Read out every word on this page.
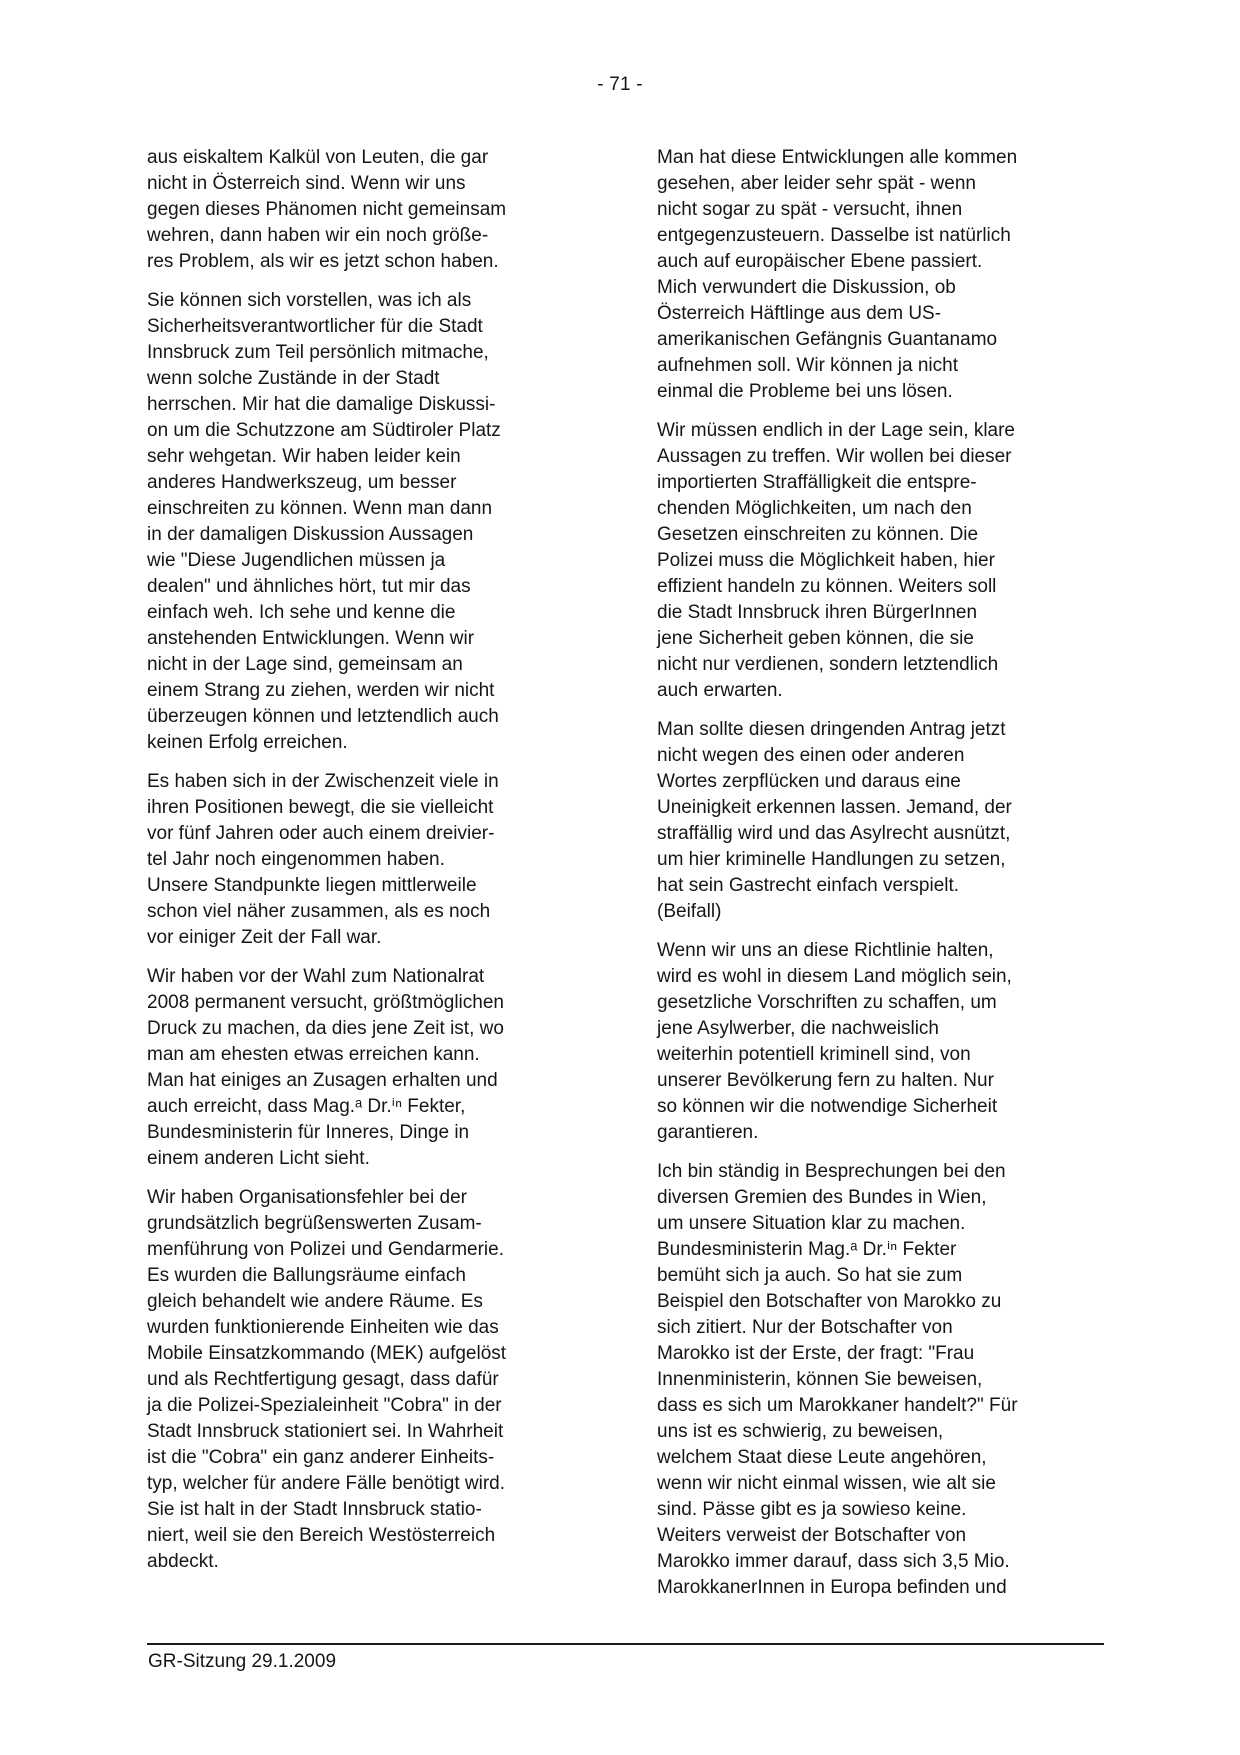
- 71 -

aus eiskaltem Kalkül von Leuten, die gar
nicht in Österreich sind. Wenn wir uns
gegen dieses Phänomen nicht gemeinsam
wehren, dann haben wir ein noch größe-
res Problem, als wir es jetzt schon haben.

Sie können sich vorstellen, was ich als
Sicherheitsverantwortlicher für die Stadt
Innsbruck zum Teil persönlich mitmache,
wenn solche Zustände in der Stadt
herrschen. Mir hat die damalige Diskussi-
on um die Schutzzone am Südtiroler Platz
sehr wehgetan. Wir haben leider kein
anderes Handwerkszeug, um besser
einschreiten zu können. Wenn man dann
in der damaligen Diskussion Aussagen
wie "Diese Jugendlichen müssen ja
dealen" und ähnliches hört, tut mir das
einfach weh. Ich sehe und kenne die
anstehenden Entwicklungen. Wenn wir
nicht in der Lage sind, gemeinsam an
einem Strang zu ziehen, werden wir nicht
überzeugen können und letztendlich auch
keinen Erfolg erreichen.

Es haben sich in der Zwischenzeit viele in
ihren Positionen bewegt, die sie vielleicht
vor fünf Jahren oder auch einem dreivier-
tel Jahr noch eingenommen haben.
Unsere Standpunkte liegen mittlerweile
schon viel näher zusammen, als es noch
vor einiger Zeit der Fall war.

Wir haben vor der Wahl zum Nationalrat
2008 permanent versucht, größtmöglichen
Druck zu machen, da dies jene Zeit ist, wo
man am ehesten etwas erreichen kann.
Man hat einiges an Zusagen erhalten und
auch erreicht, dass Mag.ᵃ Dr.ⁱⁿ Fekter,
Bundesministerin für Inneres, Dinge in
einem anderen Licht sieht.

Wir haben Organisationsfehler bei der
grundsätzlich begrüßenswerten Zusam-
menführung von Polizei und Gendarmerie.
Es wurden die Ballungsräume einfach
gleich behandelt wie andere Räume. Es
wurden funktionierende Einheiten wie das
Mobile Einsatzkommando (MEK) aufgelöst
und als Rechtfertigung gesagt, dass dafür
ja die Polizei-Spezialeinheit "Cobra" in der
Stadt Innsbruck stationiert sei. In Wahrheit
ist die "Cobra" ein ganz anderer Einheits-
typ, welcher für andere Fälle benötigt wird.
Sie ist halt in der Stadt Innsbruck statio-
niert, weil sie den Bereich Westösterreich
abdeckt.

Man hat diese Entwicklungen alle kommen
gesehen, aber leider sehr spät - wenn
nicht sogar zu spät - versucht, ihnen
entgegenzusteuern. Dasselbe ist natürlich
auch auf europäischer Ebene passiert.
Mich verwundert die Diskussion, ob
Österreich Häftlinge aus dem US-
amerikanischen Gefängnis Guantanamo
aufnehmen soll. Wir können ja nicht
einmal die Probleme bei uns lösen.

Wir müssen endlich in der Lage sein, klare
Aussagen zu treffen. Wir wollen bei dieser
importierten Straffälligkeit die entspre-
chenden Möglichkeiten, um nach den
Gesetzen einschreiten zu können. Die
Polizei muss die Möglichkeit haben, hier
effizient handeln zu können. Weiters soll
die Stadt Innsbruck ihren BürgerInnen
jene Sicherheit geben können, die sie
nicht nur verdienen, sondern letztendlich
auch erwarten.

Man sollte diesen dringenden Antrag jetzt
nicht wegen des einen oder anderen
Wortes zerpflücken und daraus eine
Uneinigkeit erkennen lassen. Jemand, der
straffällig wird und das Asylrecht ausnützt,
um hier kriminelle Handlungen zu setzen,
hat sein Gastrecht einfach verspielt.
(Beifall)

Wenn wir uns an diese Richtlinie halten,
wird es wohl in diesem Land möglich sein,
gesetzliche Vorschriften zu schaffen, um
jene Asylwerber, die nachweislich
weiterhin potentiell kriminell sind, von
unserer Bevölkerung fern zu halten. Nur
so können wir die notwendige Sicherheit
garantieren.

Ich bin ständig in Besprechungen bei den
diversen Gremien des Bundes in Wien,
um unsere Situation klar zu machen.
Bundesministerin Mag.ᵃ Dr.ⁱⁿ Fekter
bemüht sich ja auch. So hat sie zum
Beispiel den Botschafter von Marokko zu
sich zitiert. Nur der Botschafter von
Marokko ist der Erste, der fragt: "Frau
Innenministerin, können Sie beweisen,
dass es sich um Marokkaner handelt?" Für
uns ist es schwierig, zu beweisen,
welchem Staat diese Leute angehören,
wenn wir nicht einmal wissen, wie alt sie
sind. Pässe gibt es ja sowieso keine.
Weiters verweist der Botschafter von
Marokko immer darauf, dass sich 3,5 Mio.
MarokkanerInnen in Europa befinden und

GR-Sitzung 29.1.2009
